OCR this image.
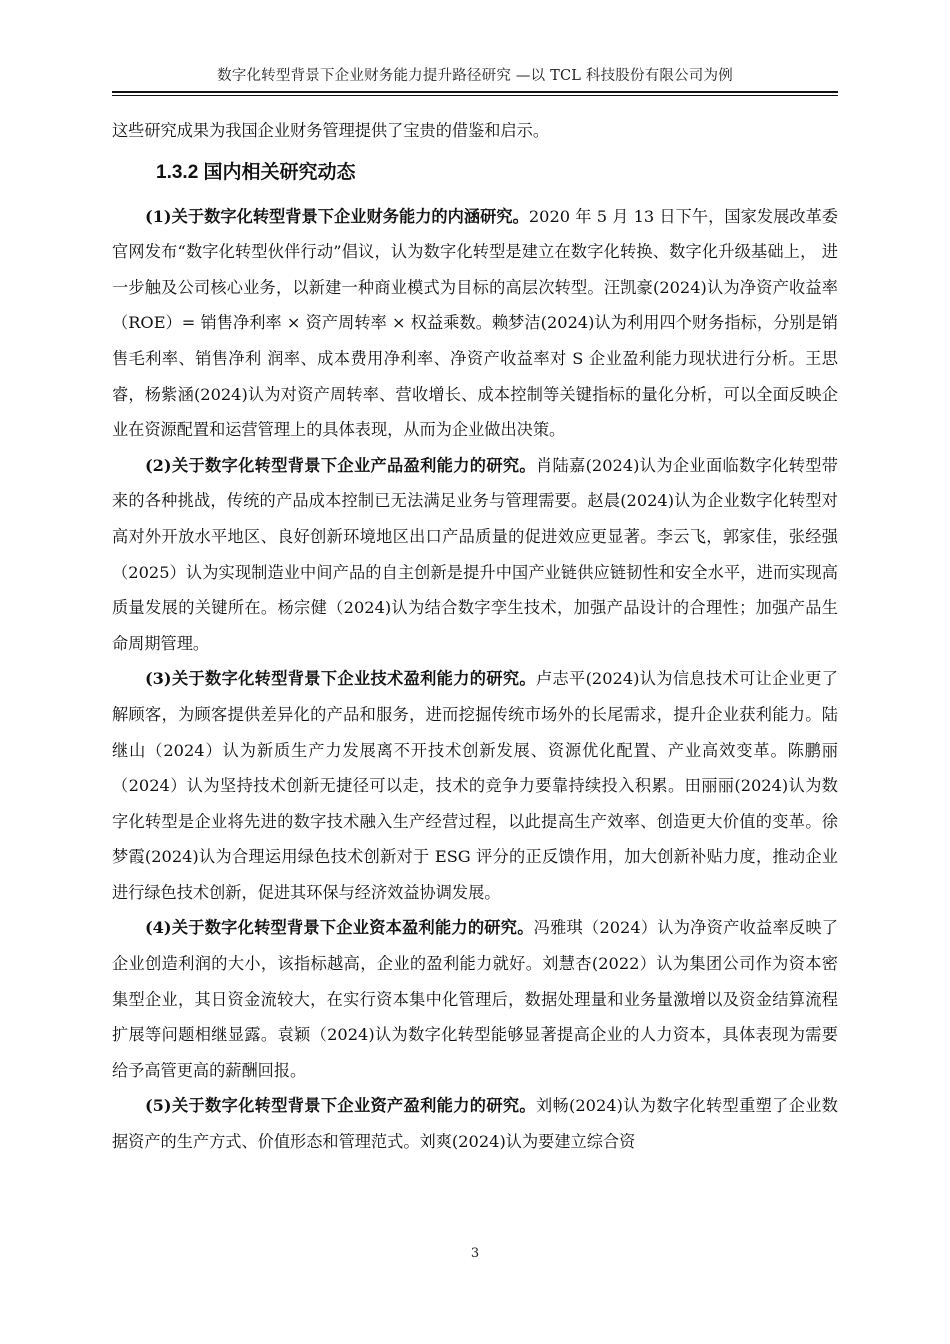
数字化转型背景下企业财务能力提升路径研究 —以 TCL 科技股份有限公司为例

这些研究成果为我国企业财务管理提供了宝贵的借鉴和启示。

1.3.2 国内相关研究动态

(1)关于数字化转型背景下企业财务能力的内涵研究。2020 年 5 月 13 日下午，国家发展改革委官网发布“数字化转型伙伴行动”倡议，认为数字化转型是建立在数字化转换、数字化升级基础上， 进一步触及公司核心业务，以新建一种商业模式为目标的高层次转型。汪凯豪(2024)认为净资产收益率（ROE）= 销售净利率 × 资产周转率 × 权益乘数。赖梦洁(2024)认为利用四个财务指标，分别是销售毛利率、销售净利 润率、成本费用净利率、净资产收益率对 S 企业盈利能力现状进行分析。王思睿，杨紫涵(2024)认为对资产周转率、营收增长、成本控制等关键指标的量化分析，可以全面反映企业在资源配置和运营管理上的具体表现，从而为企业做出决策。

(2)关于数字化转型背景下企业产品盈利能力的研究。肖陆嘉(2024)认为企业面临数字化转型带来的各种挑战，传统的产品成本控制已无法满足业务与管理需要。赵晨(2024)认为企业数字化转型对高对外开放水平地区、良好创新环境地区出口产品质量的促进效应更显著。李云飞，郭家佳，张经强（2025）认为实现制造业中间产品的自主创新是提升中国产业链供应链韧性和安全水平，进而实现高质量发展的关键所在。杨宗健（2024)认为结合数字孪生技术，加强产品设计的合理性；加强产品生命周期管理。

(3)关于数字化转型背景下企业技术盈利能力的研究。卢志平(2024)认为信息技术可让企业更了解顾客，为顾客提供差异化的产品和服务，进而挖掘传统市场外的长尾需求，提升企业获利能力。陆继山（2024）认为新质生产力发展离不开技术创新发展、资源优化配置、产业高效变革。陈鹏丽（2024）认为坚持技术创新无捷径可以走，技术的竞争力要靠持续投入积累。田丽丽(2024)认为数字化转型是企业将先进的数字技术融入生产经营过程，以此提高生产效率、创造更大价值的变革。徐梦霞(2024)认为合理运用绿色技术创新对于 ESG 评分的正反馈作用，加大创新补贴力度，推动企业进行绿色技术创新，促进其环保与经济效益协调发展。

(4)关于数字化转型背景下企业资本盈利能力的研究。冯雅琪（2024）认为净资产收益率反映了企业创造利润的大小，该指标越高，企业的盈利能力就好。刘慧杏(2022）认为集团公司作为资本密集型企业，其日资金流较大，在实行资本集中化管理后，数据处理量和业务量激增以及资金结算流程扩展等问题相继显露。袁颖（2024)认为数字化转型能够显著提高企业的人力资本，具体表现为需要给予高管更高的薪酬回报。

(5)关于数字化转型背景下企业资产盈利能力的研究。刘畅(2024)认为数字化转型重塑了企业数据资产的生产方式、价值形态和管理范式。刘爽(2024)认为要建立综合资

3
